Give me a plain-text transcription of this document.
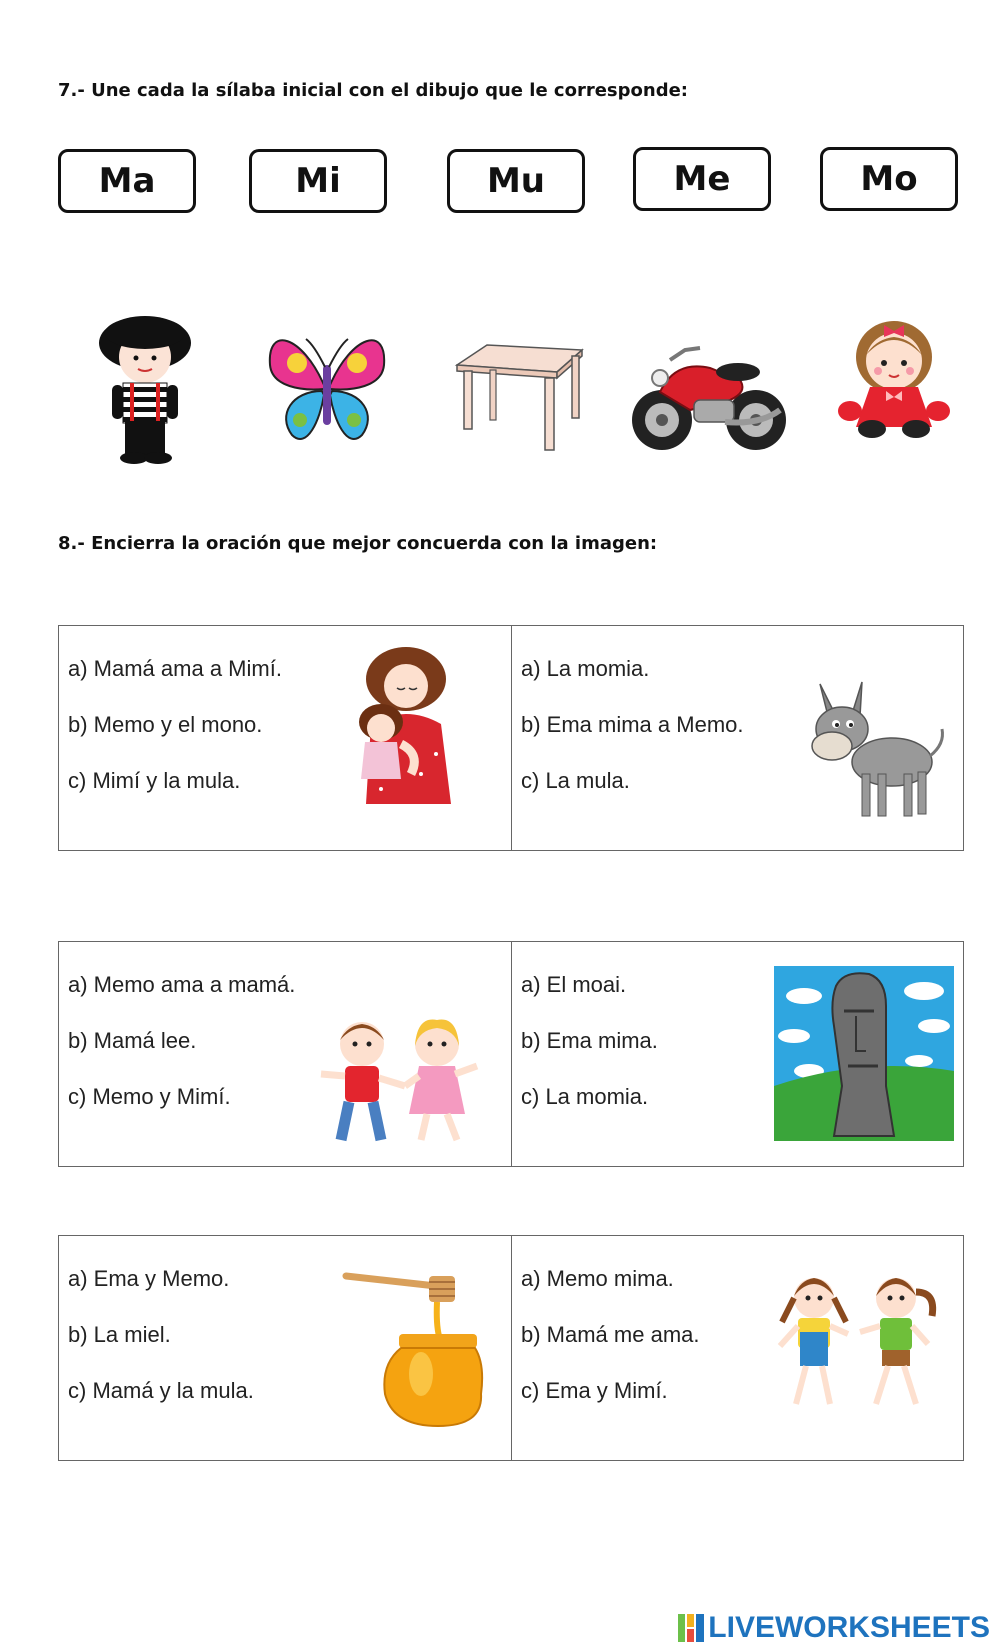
7.- Une cada la sílaba inicial con el dibujo que le corresponde:
Ma	Mi	Mu	Me	Mo
8.- Encierra la oración que mejor concuerda con la imagen:

a) Mamá ama a Mimí.

b) Memo y el mono.

c) Mimí y la mula.

a) La momia.

b) Ema mima a Memo.

c) La mula.

a) Memo ama a mamá.

b) Mamá lee.

c) Memo y Mimí.

a) El moai.

b) Ema mima.

c) La momia.

a) Ema y Memo.

b) La miel.

c) Mamá y la mula.

a) Memo mima.

b) Mamá me ama.

c) Ema y Mimí.

LIVEWORKSHEETS
